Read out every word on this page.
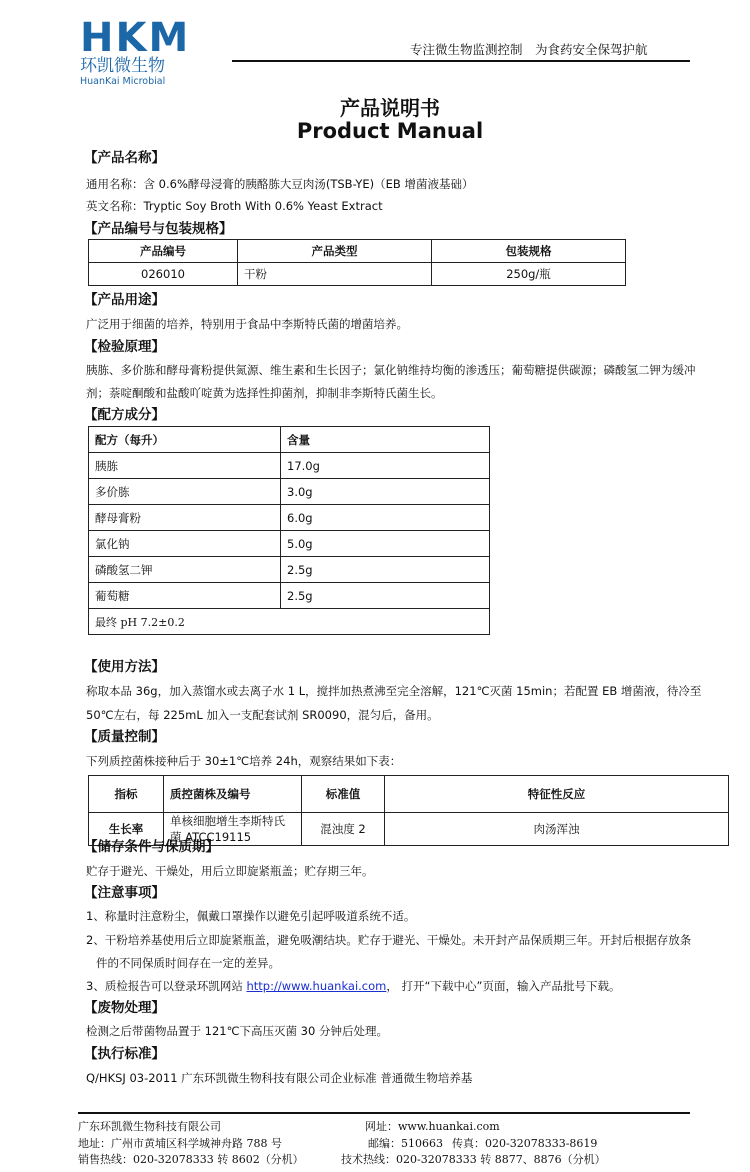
HKM
环凯微生物
HuanKai Microbial
专注微生物监测控制　为食药安全保驾护航
产品说明书
Product Manual
【产品名称】
通用名称：含 0.6%酵母浸膏的胰酪胨大豆肉汤(TSB-YE)（EB 增菌液基础）
英文名称：Tryptic Soy Broth With 0.6% Yeast Extract
【产品编号与包装规格】
产品编号	产品类型	包装规格
026010	干粉	250g/瓶
【产品用途】
广泛用于细菌的培养，特别用于食品中李斯特氏菌的增菌培养。
【检验原理】
胰胨、多价胨和酵母膏粉提供氮源、维生素和生长因子；氯化钠维持均衡的渗透压；葡萄糖提供碳源；磷酸氢二钾为缓冲
剂；萘啶酮酸和盐酸吖啶黄为选择性抑菌剂，抑制非李斯特氏菌生长。
【配方成分】
配方（每升）	含量
胰胨	17.0g
多价胨	3.0g
酵母膏粉	6.0g
氯化钠	5.0g
磷酸氢二钾	2.5g
葡萄糖	2.5g
最终 pH 7.2±0.2	
【使用方法】
称取本品 36g，加入蒸馏水或去离子水 1 L，搅拌加热煮沸至完全溶解，121℃灭菌 15min；若配置 EB 增菌液，待冷至
50℃左右，每 225mL 加入一支配套试剂 SR0090，混匀后，备用。
【质量控制】
下列质控菌株接种后于 30±1℃培养 24h，观察结果如下表：
指标	质控菌株及编号	标准值	特征性反应
生长率	单核细胞增生李斯特氏菌 ATCC19115	混浊度 2	肉汤浑浊
【储存条件与保质期】
贮存于避光、干燥处，用后立即旋紧瓶盖；贮存期三年。
【注意事项】
1、称量时注意粉尘，佩戴口罩操作以避免引起呼吸道系统不适。
2、干粉培养基使用后立即旋紧瓶盖，避免吸潮结块。贮存于避光、干燥处。未开封产品保质期三年。开封后根据存放条
件的不同保质时间存在一定的差异。
3、质检报告可以登录环凯网站 http://www.huankai.com， 打开“下载中心”页面，输入产品批号下载。
【废物处理】
检测之后带菌物品置于 121℃下高压灭菌 30 分钟后处理。
【执行标准】
Q/HKSJ 03-2011 广东环凯微生物科技有限公司企业标准 普通微生物培养基
广东环凯微生物科技有限公司	网址：www.huankai.com
地址：广州市黄埔区科学城神舟路 788 号	邮编：510663 传真：020-32078333-8619
销售热线：020-32078333 转 8602（分机）	技术热线：020-32078333 转 8877、8876（分机）
